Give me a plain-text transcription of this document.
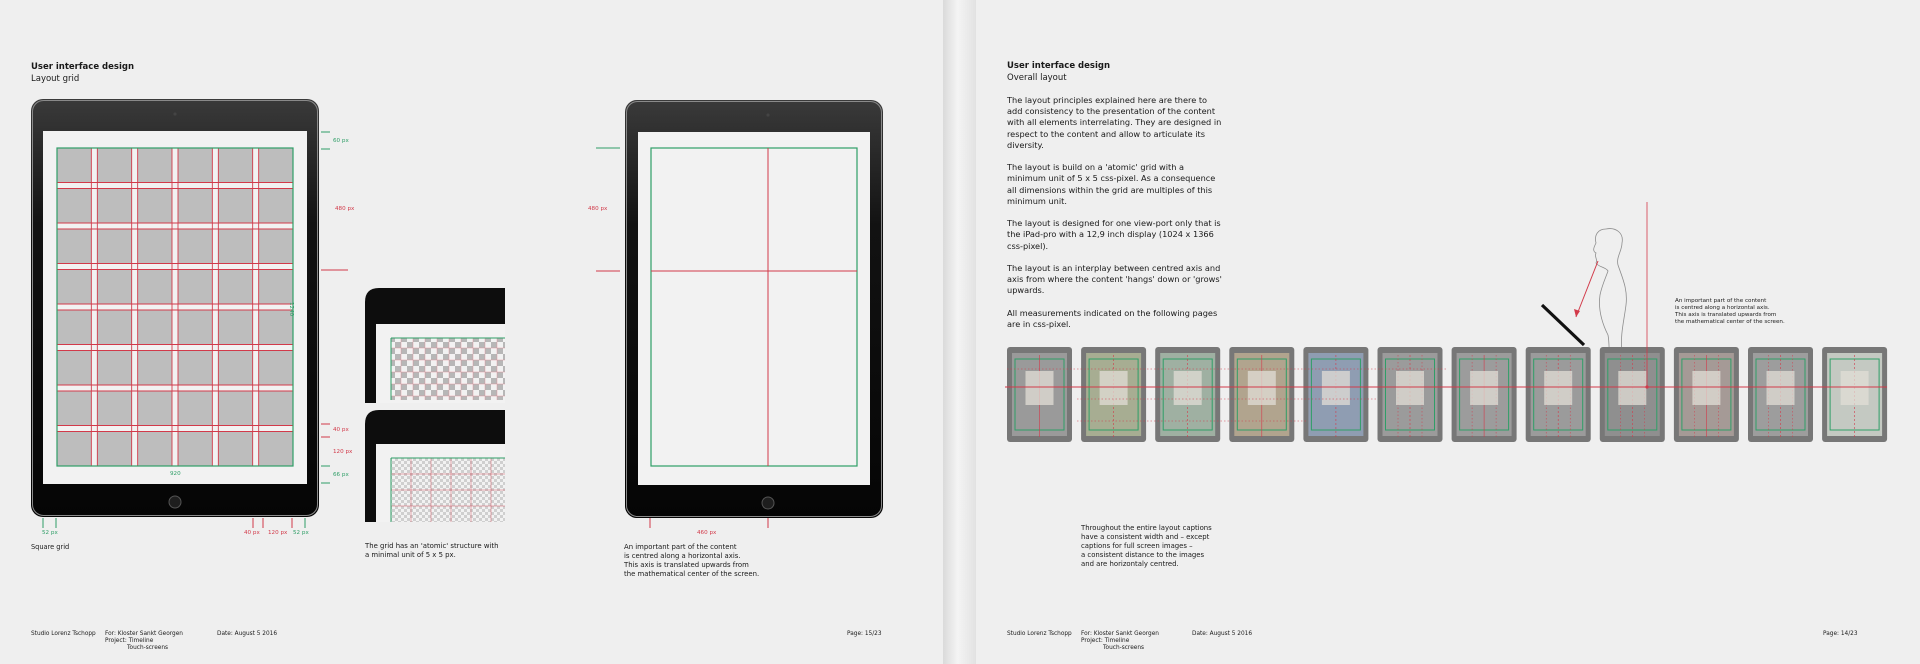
User interface design
Layout grid
60 px
480 px
40 px
120 px
66 px
920
1240
52 px	40 px 120 px 52 px
Square grid	The grid has an 'atomic' structure with
a minimal unit of 5 x 5 px.
480 px
460 px
An important part of the content
is centred along a horizontal axis.
This axis is translated upwards from
the mathematical center of the screen.
Studio Lorenz Tschopp For: Kloster Sankt Georgen
Project: Timeline
Touch-screens
Date: August 5 2016	Page: 15/23
User interface design
Overall layout

The layout principles explained here are there to add consistency to the presentation of the content with all elements interrelating. They are designed in respect to the content and allow to articulate its diversity.

The layout is build on a 'atomic' grid with a minimum unit of 5 x 5 css-pixel. As a consequence all dimensions within the grid are multiples of this minimum unit.

The layout is designed for one view-port only that is the iPad-pro with a 12,9 inch display (1024 x 1366 css-pixel).

The layout is an interplay between centred axis and axis from where the content 'hangs' down or 'grows' upwards.

All measurements indicated on the following pages are in css-pixel.

An important part of the content
is centred along a horizontal axis.
This axis is translated upwards from
the mathematical center of the screen.
Throughout the entire layout captions
have a consistent width and – except
captions for full screen images –
a consistent distance to the images
and are horizontaly centred.
Studio Lorenz Tschopp For: Kloster Sankt Georgen
Project: Timeline
Touch-screens
Date: August 5 2016	Page: 14/23
